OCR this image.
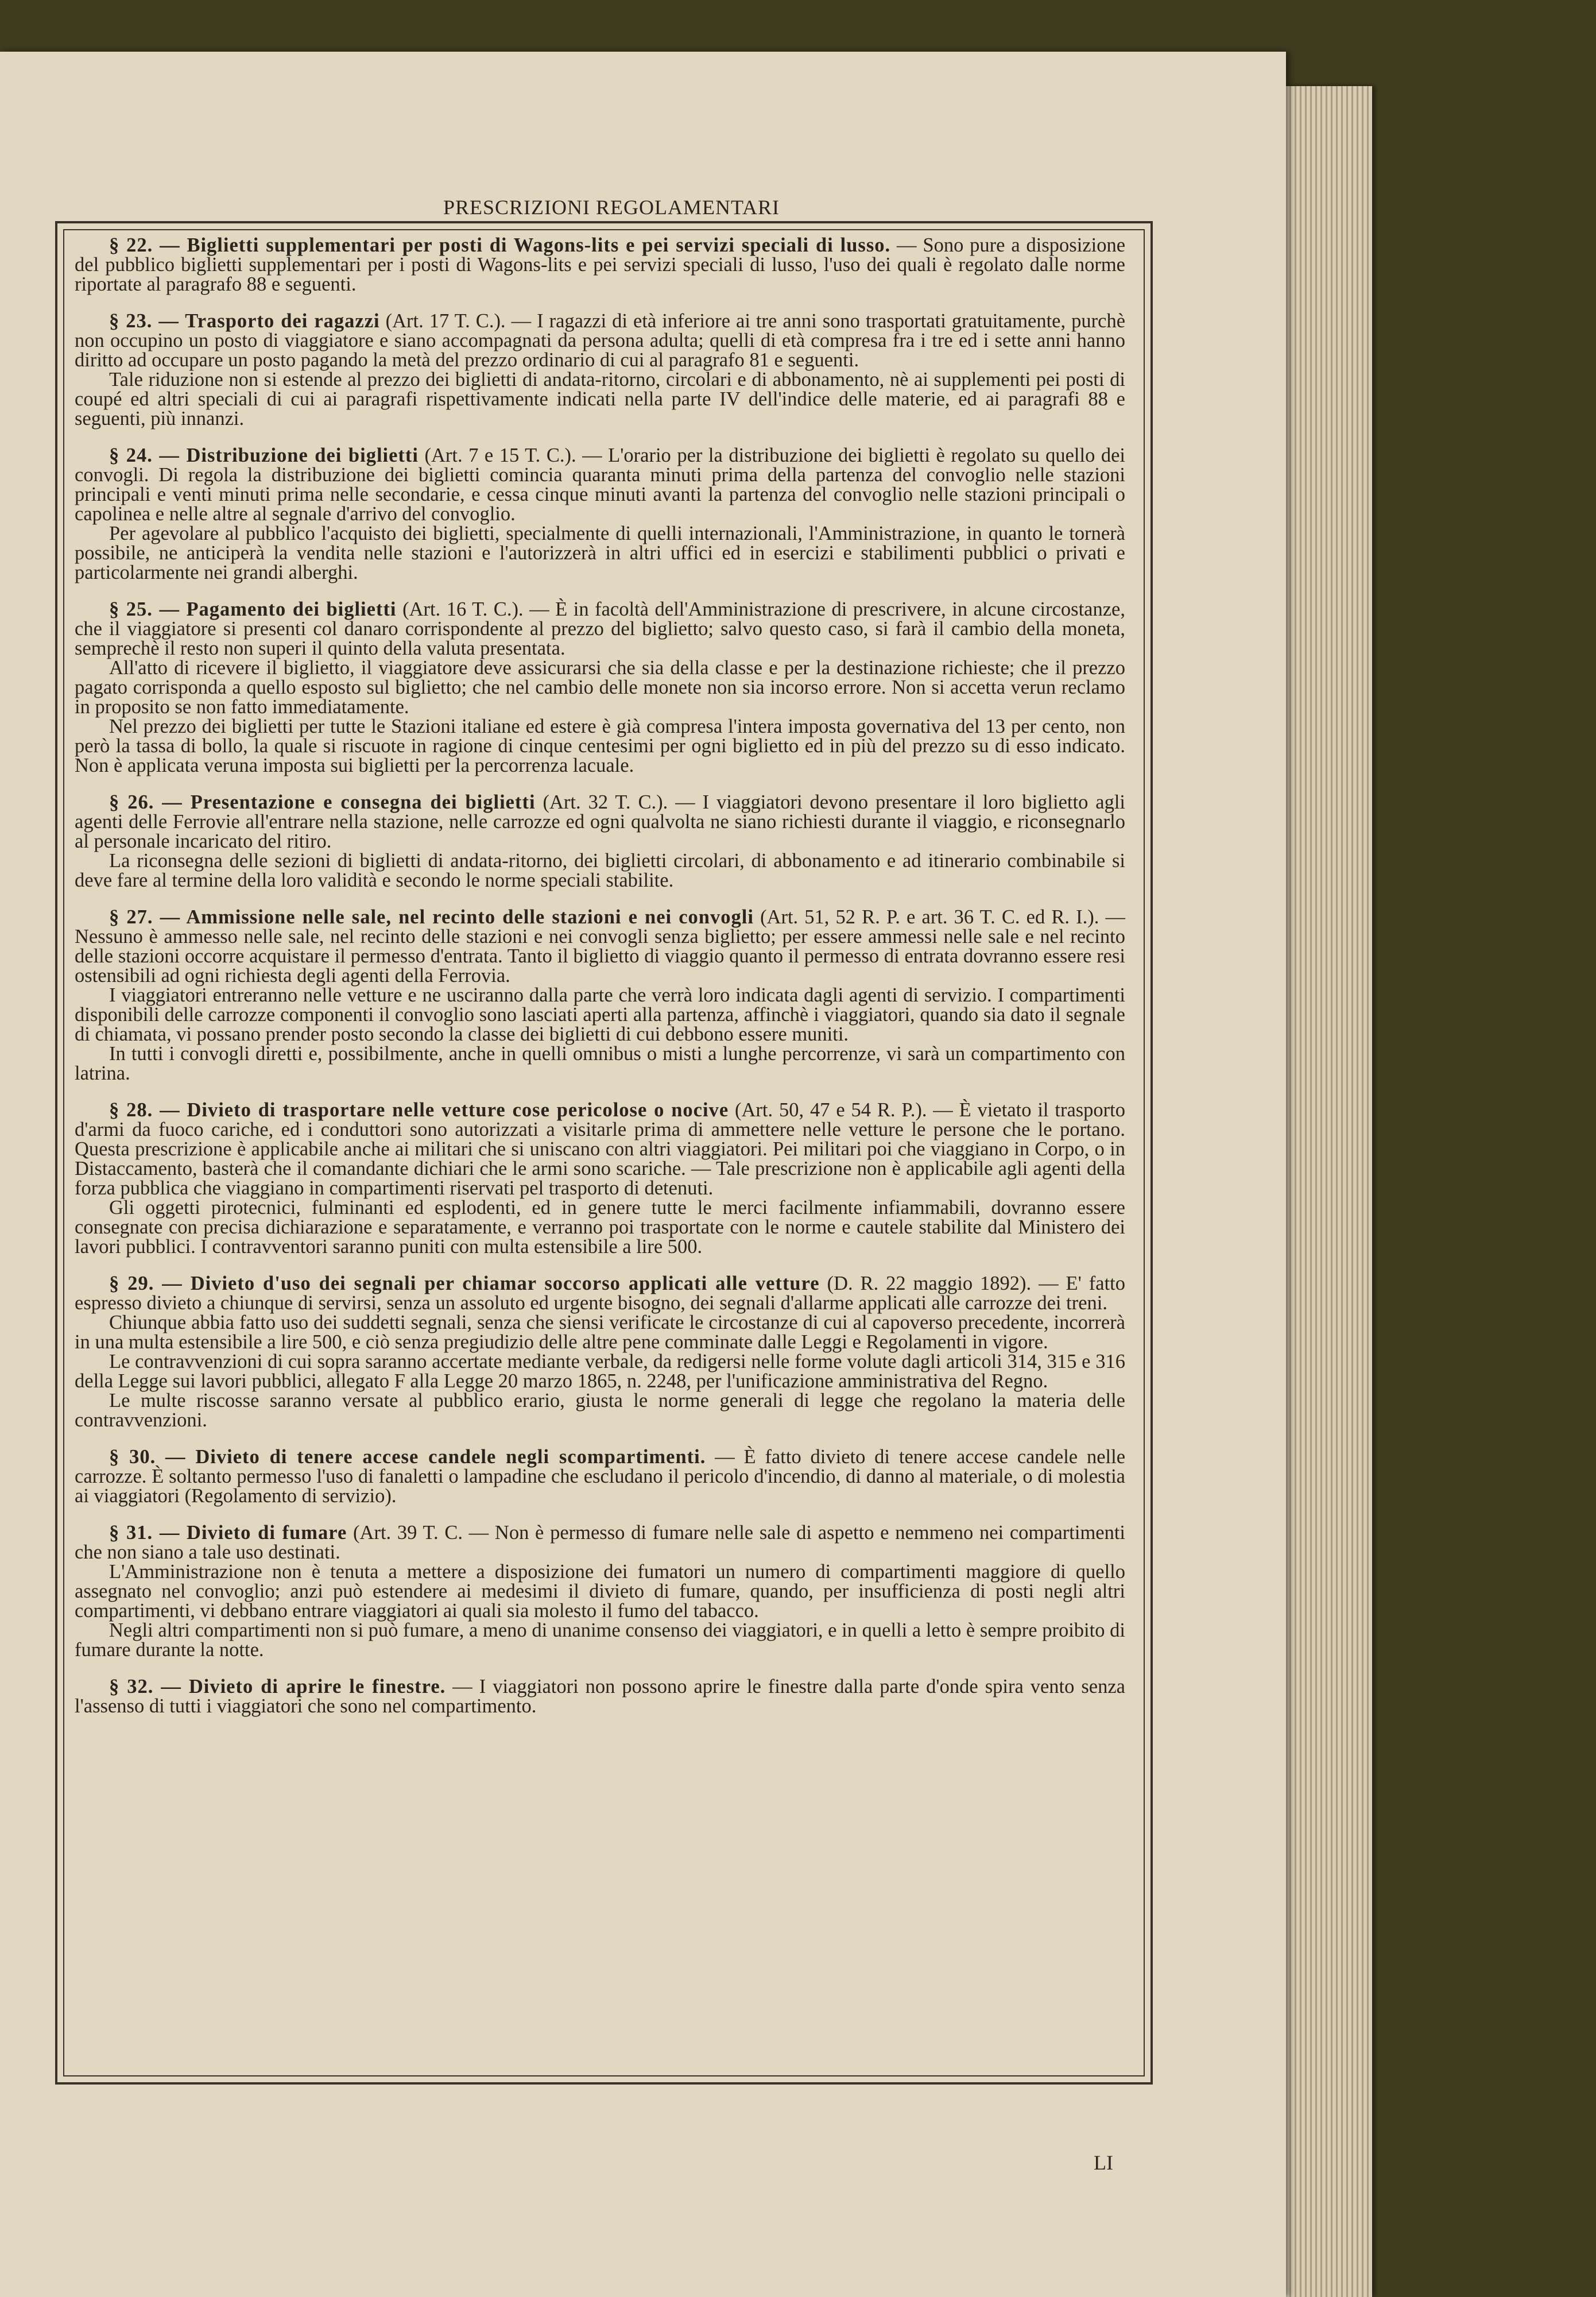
PRESCRIZIONI REGOLAMENTARI

§ 22. — Biglietti supplementari per posti di Wagons-lits e pei servizi speciali di lusso. — Sono pure a disposizione del pubblico biglietti supplementari per i posti di Wagons-lits e pei servizi speciali di lusso, l'uso dei quali è regolato dalle norme riportate al paragrafo 88 e seguenti.

§ 23. — Trasporto dei ragazzi (Art. 17 T. C.). — I ragazzi di età inferiore ai tre anni sono trasportati gratuitamente, purchè non occupino un posto di viaggiatore e siano accompagnati da persona adulta; quelli di età compresa fra i tre ed i sette anni hanno diritto ad occupare un posto pagando la metà del prezzo ordinario di cui al paragrafo 81 e seguenti.

Tale riduzione non si estende al prezzo dei biglietti di andata-ritorno, circolari e di abbonamento, nè ai supplementi pei posti di coupé ed altri speciali di cui ai paragrafi rispettivamente indicati nella parte IV dell'indice delle materie, ed ai paragrafi 88 e seguenti, più innanzi.

§ 24. — Distribuzione dei biglietti (Art. 7 e 15 T. C.). — L'orario per la distribuzione dei biglietti è regolato su quello dei convogli. Di regola la distribuzione dei biglietti comincia quaranta minuti prima della partenza del convoglio nelle stazioni principali e venti minuti prima nelle secondarie, e cessa cinque minuti avanti la partenza del convoglio nelle stazioni principali o capolinea e nelle altre al segnale d'arrivo del convoglio.

Per agevolare al pubblico l'acquisto dei biglietti, specialmente di quelli internazionali, l'Amministrazione, in quanto le tornerà possibile, ne anticiperà la vendita nelle stazioni e l'autorizzerà in altri uffici ed in esercizi e stabilimenti pubblici o privati e particolarmente nei grandi alberghi.

§ 25. — Pagamento dei biglietti (Art. 16 T. C.). — È in facoltà dell'Amministrazione di prescrivere, in alcune circostanze, che il viaggiatore si presenti col danaro corrispondente al prezzo del biglietto; salvo questo caso, si farà il cambio della moneta, semprechè il resto non superi il quinto della valuta presentata.

All'atto di ricevere il biglietto, il viaggiatore deve assicurarsi che sia della classe e per la destinazione richieste; che il prezzo pagato corrisponda a quello esposto sul biglietto; che nel cambio delle monete non sia incorso errore. Non si accetta verun reclamo in proposito se non fatto immediatamente.

Nel prezzo dei biglietti per tutte le Stazioni italiane ed estere è già compresa l'intera imposta governativa del 13 per cento, non però la tassa di bollo, la quale si riscuote in ragione di cinque centesimi per ogni biglietto ed in più del prezzo su di esso indicato. Non è applicata veruna imposta sui biglietti per la percorrenza lacuale.

§ 26. — Presentazione e consegna dei biglietti (Art. 32 T. C.). — I viaggiatori devono presentare il loro biglietto agli agenti delle Ferrovie all'entrare nella stazione, nelle carrozze ed ogni qualvolta ne siano richiesti durante il viaggio, e riconsegnarlo al personale incaricato del ritiro.

La riconsegna delle sezioni di biglietti di andata-ritorno, dei biglietti circolari, di abbonamento e ad itinerario combinabile si deve fare al termine della loro validità e secondo le norme speciali stabilite.

§ 27. — Ammissione nelle sale, nel recinto delle stazioni e nei convogli (Art. 51, 52 R. P. e art. 36 T. C. ed R. I.). — Nessuno è ammesso nelle sale, nel recinto delle stazioni e nei convogli senza biglietto; per essere ammessi nelle sale e nel recinto delle stazioni occorre acquistare il permesso d'entrata. Tanto il biglietto di viaggio quanto il permesso di entrata dovranno essere resi ostensibili ad ogni richiesta degli agenti della Ferrovia.

I viaggiatori entreranno nelle vetture e ne usciranno dalla parte che verrà loro indicata dagli agenti di servizio. I compartimenti disponibili delle carrozze componenti il convoglio sono lasciati aperti alla partenza, affinchè i viaggiatori, quando sia dato il segnale di chiamata, vi possano prender posto secondo la classe dei biglietti di cui debbono essere muniti.

In tutti i convogli diretti e, possibilmente, anche in quelli omnibus o misti a lunghe percorrenze, vi sarà un compartimento con latrina.

§ 28. — Divieto di trasportare nelle vetture cose pericolose o nocive (Art. 50, 47 e 54 R. P.). — È vietato il trasporto d'armi da fuoco cariche, ed i conduttori sono autorizzati a visitarle prima di ammettere nelle vetture le persone che le portano. Questa prescrizione è applicabile anche ai militari che si uniscano con altri viaggiatori. Pei militari poi che viaggiano in Corpo, o in Distaccamento, basterà che il comandante dichiari che le armi sono scariche. — Tale prescrizione non è applicabile agli agenti della forza pubblica che viaggiano in compartimenti riservati pel trasporto di detenuti.

Gli oggetti pirotecnici, fulminanti ed esplodenti, ed in genere tutte le merci facilmente infiammabili, dovranno essere consegnate con precisa dichiarazione e separatamente, e verranno poi trasportate con le norme e cautele stabilite dal Ministero dei lavori pubblici. I contravventori saranno puniti con multa estensibile a lire 500.

§ 29. — Divieto d'uso dei segnali per chiamar soccorso applicati alle vetture (D. R. 22 maggio 1892). — E' fatto espresso divieto a chiunque di servirsi, senza un assoluto ed urgente bisogno, dei segnali d'allarme applicati alle carrozze dei treni.

Chiunque abbia fatto uso dei suddetti segnali, senza che siensi verificate le circostanze di cui al capoverso precedente, incorrerà in una multa estensibile a lire 500, e ciò senza pregiudizio delle altre pene comminate dalle Leggi e Regolamenti in vigore.

Le contravvenzioni di cui sopra saranno accertate mediante verbale, da redigersi nelle forme volute dagli articoli 314, 315 e 316 della Legge sui lavori pubblici, allegato F alla Legge 20 marzo 1865, n. 2248, per l'unificazione amministrativa del Regno.

Le multe riscosse saranno versate al pubblico erario, giusta le norme generali di legge che regolano la materia delle contravvenzioni.

§ 30. — Divieto di tenere accese candele negli scompartimenti. — È fatto divieto di tenere accese candele nelle carrozze. È soltanto permesso l'uso di fanaletti o lampadine che escludano il pericolo d'incendio, di danno al materiale, o di molestia ai viaggiatori (Regolamento di servizio).

§ 31. — Divieto di fumare (Art. 39 T. C. — Non è permesso di fumare nelle sale di aspetto e nemmeno nei compartimenti che non siano a tale uso destinati.

L'Amministrazione non è tenuta a mettere a disposizione dei fumatori un numero di compartimenti maggiore di quello assegnato nel convoglio; anzi può estendere ai medesimi il divieto di fumare, quando, per insufficienza di posti negli altri compartimenti, vi debbano entrare viaggiatori ai quali sia molesto il fumo del tabacco.

Negli altri compartimenti non si può fumare, a meno di unanime consenso dei viaggiatori, e in quelli a letto è sempre proibito di fumare durante la notte.

§ 32. — Divieto di aprire le finestre. — I viaggiatori non possono aprire le finestre dalla parte d'onde spira vento senza l'assenso di tutti i viaggiatori che sono nel compartimento.

LI
